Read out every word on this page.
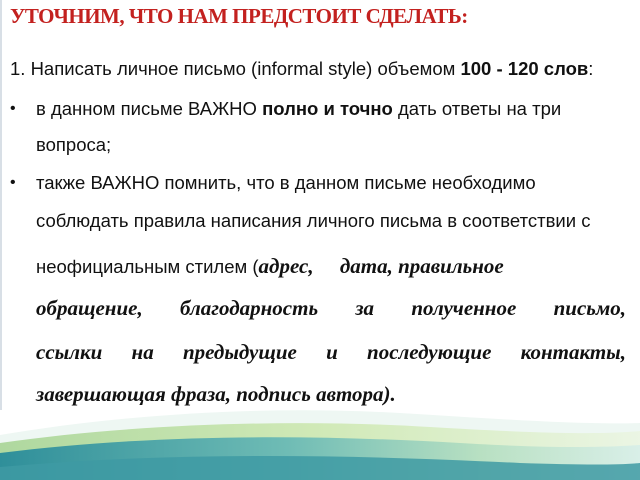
УТОЧНИМ, ЧТО НАМ ПРЕДСТОИТ СДЕЛАТЬ:
1. Написать личное письмо (informal style) объемом 100 - 120 слов:
• в данном письме ВАЖНО полно и точно дать ответы на три
вопроса;
• также ВАЖНО помнить, что в данном письме необходимо
соблюдать правила написания личного письма в соответствии с
неофициальным стилем (адрес,     дата, правильное
обращение, благодарность за полученное письмо,
ссылки на предыдущие и последующие контакты,
завершающая фраза, подпись автора).
